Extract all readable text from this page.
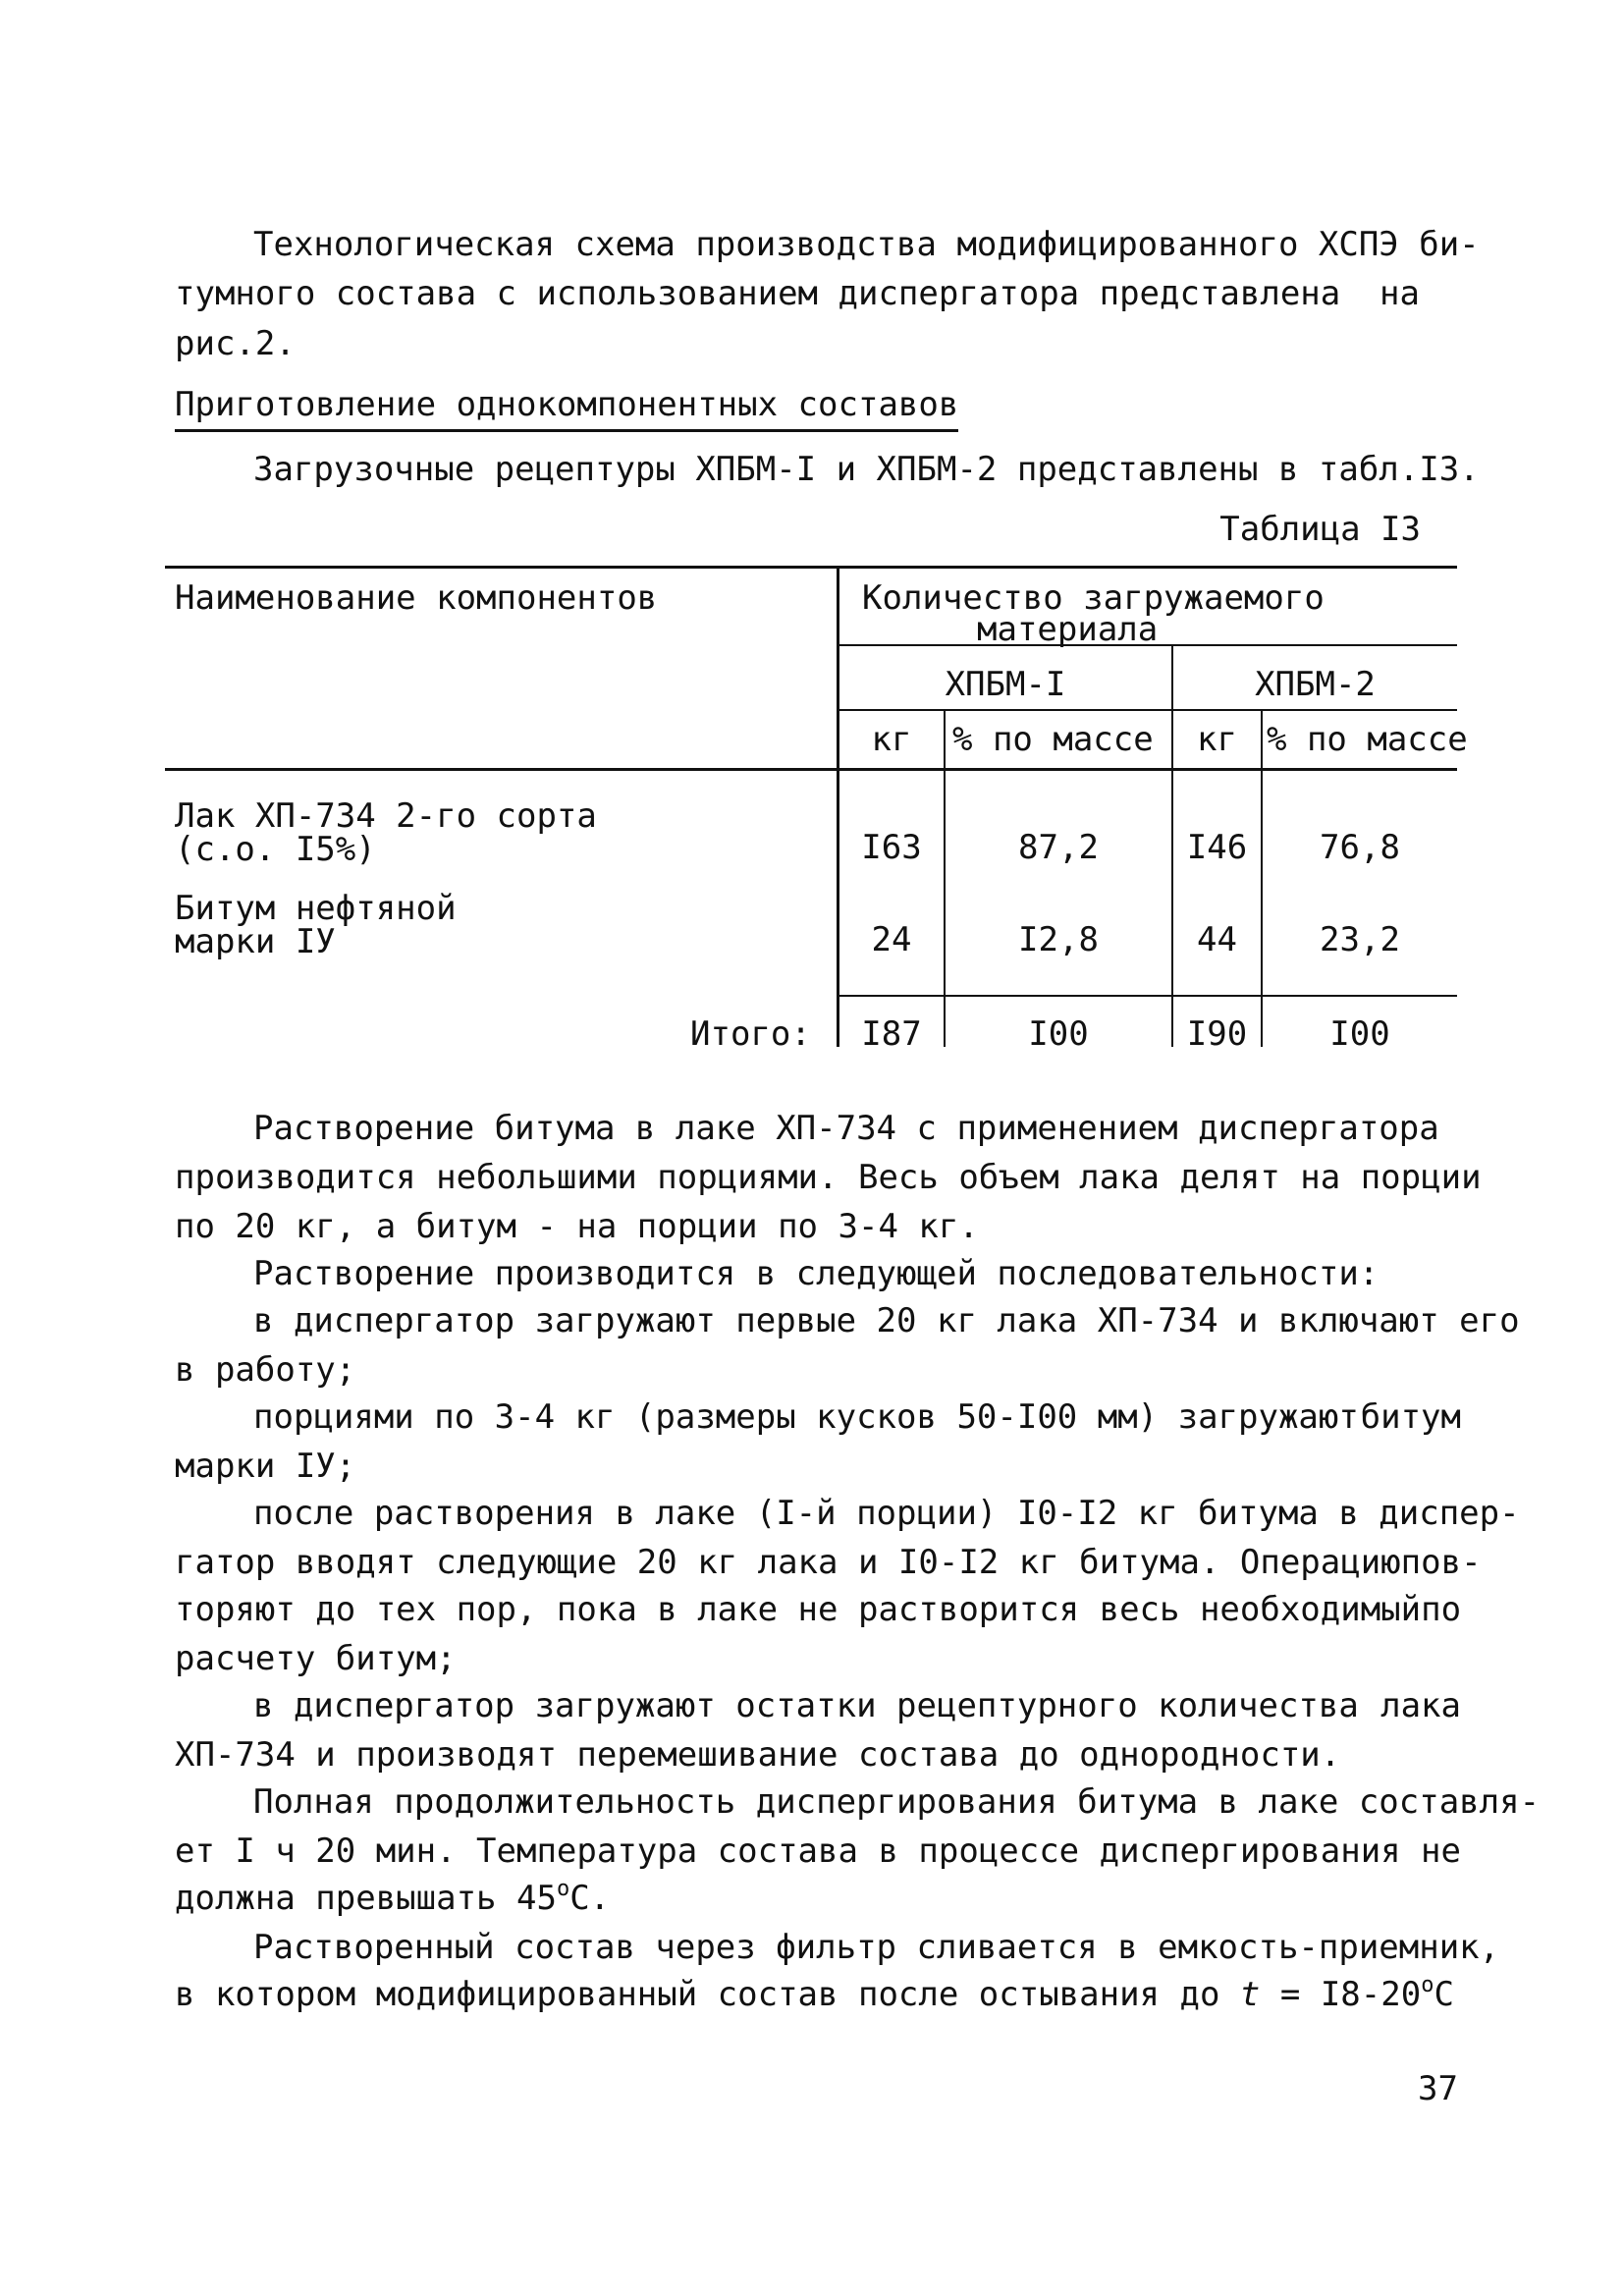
Технологическая схема производства модифицированного ХСПЭ би-
тумного состава с использованием диспергатора представлена на
рис.2.
Приготовление однокомпонентных составов
Загрузочные рецептуры ХПБМ-I и ХПБМ-2 представлены в табл.I3.
Таблица I3
Наименование компонентов	Количество загружаемого
материала
ХПБМ-I	ХПБМ-2
кг	% по массе	кг % по массе
Лак ХП-734 2-го сорта
(с.о. I5%)	I63	87,2	I46	76,8
Битум нефтяной
марки IУ	24	I2,8	44	23,2
Итого:	I87	I00	I90	I00
Растворение битума в лаке ХП-734 с применением диспергатора
производится небольшими порциями. Весь объем лака делят на порции
по 20 кг, а битум - на порции по 3-4 кг.
Растворение производится в следующей последовательности:
в диспергатор загружают первые 20 кг лака ХП-734 и включают его
в работу;
порциями по 3-4 кг (размеры кусков 50-I00 мм) загружают битум
марки IУ;
после растворения в лаке (I-й порции) I0-I2 кг битума в диспер-
гатор вводят следующие 20 кг лака и I0-I2 кг битума. Операцию пов-
торяют до тех пор, пока в лаке не растворится весь необходимый по
расчету битум;
в диспергатор загружают остатки рецептурного количества лака
ХП-734 и производят перемешивание состава до однородности.
Полная продолжительность диспергирования битума в лаке составля-
ет I ч 20 мин. Температура состава в процессе диспергирования не
должна превышать $45^оС$.
Растворенный состав через фильтр сливается в емкость-приемник,
в котором модифицированный состав после остывания до $t = I8-20^оС$
37
